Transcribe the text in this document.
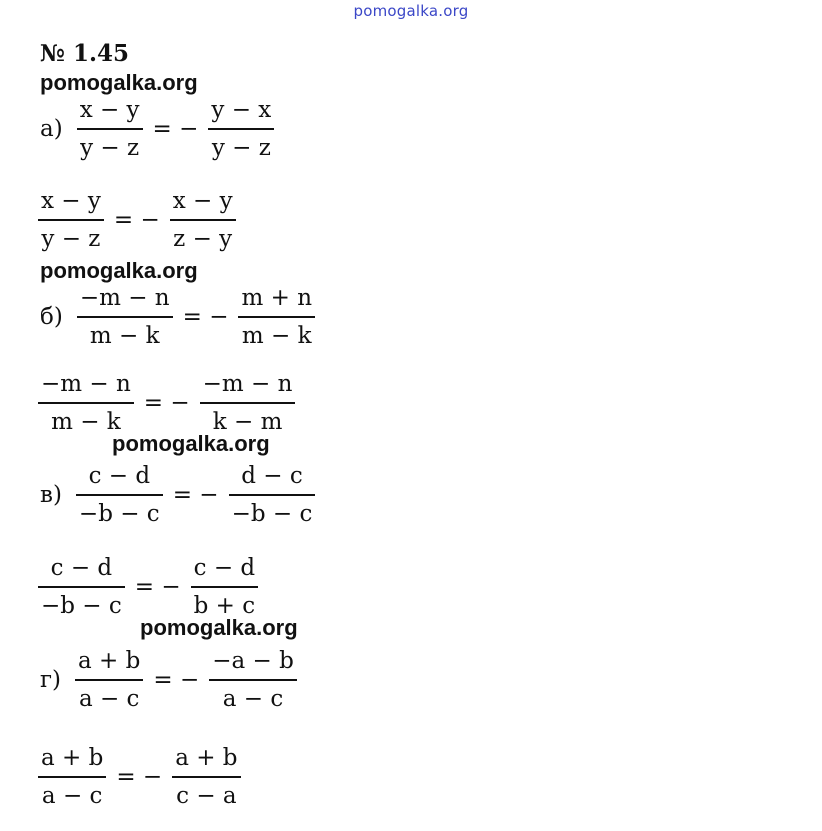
pomogalka.org
№ 1.45
pomogalka.org
$а) \frac{x - y}{y - z}$ = − $\frac{y - x}{y - z}$
$\frac{x - y}{y - z}$ = − $\frac{x - y}{z - y}$
pomogalka.org
$б) \frac{-m - n}{m - k}$ = − $\frac{m + n}{m - k}$
$\frac{-m - n}{m - k}$ = − $\frac{-m - n}{k - m}$
pomogalka.org
$в) \frac{c - d}{-b - c}$ = − $\frac{d - c}{-b - c}$
$\frac{c - d}{-b - c}$ = − $\frac{c - d}{b + c}$
pomogalka.org
$г) \frac{a + b}{a - c}$ = − $\frac{-a - b}{a - c}$
$\frac{a + b}{a - c}$ = − $\frac{a + b}{c - a}$
